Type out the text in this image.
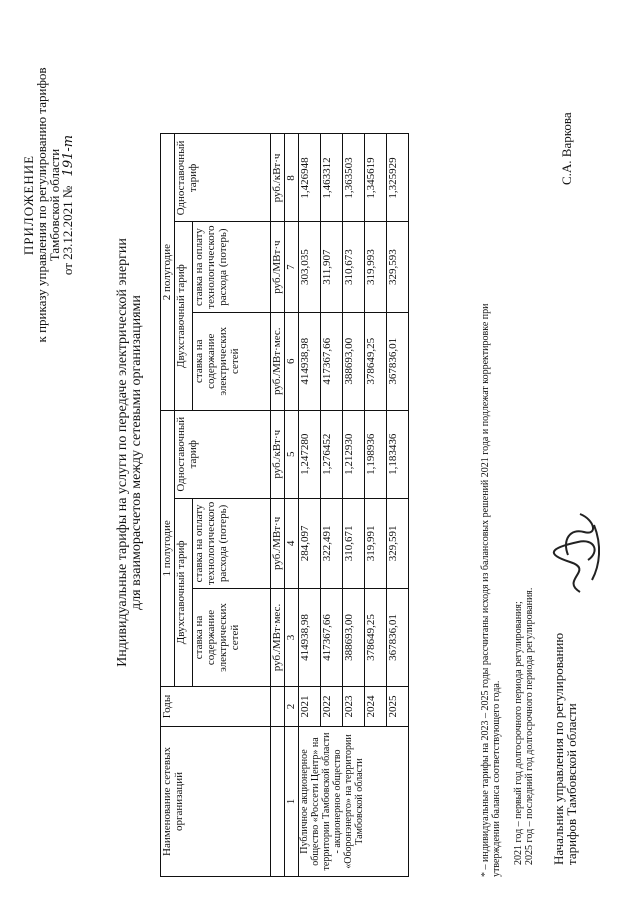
ПРИЛОЖЕНИЕ
к приказу управления по регулированию тарифов
Тамбовской области
от 23.12.2021 № 191-т
Индивидуальные тарифы на услуги по передаче электрической энергии для взаиморасчетов между сетевыми организациями
Наименование сетевых организаций	Годы	1 полугодие			2 полугодие		
		Двухставочный тариф		Одноставочный тариф	Двухставочный тариф		Одноставочный тариф
		ставка на содержание электрических сетей	ставка на оплату технологического расхода (потерь)		ставка на содержание электрических сетей	ставка на оплату технологического расхода (потерь)	
		руб./МВт·мес.	руб./МВт·ч	руб./кВт·ч	руб./МВт·мес.	руб./МВт·ч	руб./кВт·ч
1	2	3	4	5	6	7	8
Публичное акционерное общество «Россети Центр» на территории Тамбовской области - акционерное общество «Оборонэнерго» на территории Тамбовской области	2021	414938,98	284,097	1,247280	414938,98	303,035	1,426948
	2022	417367,66	322,491	1,276452	417367,66	311,907	1,463312
	2023	388693,00	310,671	1,212930	388693,00	310,673	1,363503
	2024	378649,25	319,991	1,198936	378649,25	319,993	1,345619
	2025	367836,01	329,591	1,183436	367836,01	329,593	1,325929
* – индивидуальные тарифы на 2023 – 2025 годы рассчитаны исходя из балансовых решений 2021 года и подлежат корректировке при утверждении баланса соответствующего года. 2021 год – первый год долгосрочного периода регулирования; 2025 год – последний год долгосрочного периода регулирования. Начальник управления по регулированию
тарифов Тамбовской области
С.А. Варкова
